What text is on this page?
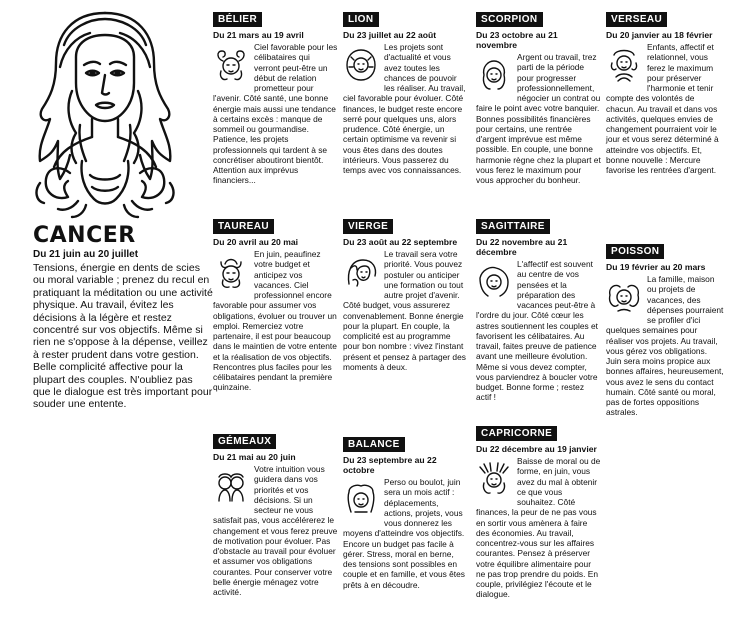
CANCER
Du 21 juin au 20 juillet
Tensions, énergie en dents de scies ou moral variable ; prenez du recul en pratiquant la méditation ou une activité physique. Au travail, évitez les décisions à la légère et restez concentré sur vos objectifs. Même si rien ne s'oppose à la dépense, veillez à rester prudent dans votre gestion. Belle complicité affective pour la plupart des couples. N'oubliez pas que le dialogue est très important pour souder une entente.
BÉLIER
Du 21 mars au 19 avril
Ciel favorable pour les célibataires qui verront peut-être un début de relation prometteur pour l'avenir. Côté santé, une bonne énergie mais aussi une tendance à certains excès : manque de sommeil ou gourmandise. Patience, les projets professionnels qui tardent à se concrétiser aboutiront bientôt. Attention aux imprévus financiers...
TAUREAU
Du 20 avril au 20 mai
En juin, peaufinez votre budget et anticipez vos vacances. Ciel professionnel encore favorable pour assumer vos obligations, évoluer ou trouver un emploi. Remerciez votre partenaire, il est pour beaucoup dans le maintien de votre entente et la réalisation de vos objectifs. Rencontres plus faciles pour les célibataires pendant la première quinzaine.
GÉMEAUX
Du 21 mai au 20 juin
Votre intuition vous guidera dans vos priorités et vos décisions. Si un secteur ne vous satisfait pas, vous accélérerez le changement et vous ferez preuve de motivation pour évoluer. Pas d'obstacle au travail pour évoluer et assumer vos obligations courantes. Pour conserver votre belle énergie ménagez votre activité.
LION
Du 23 juillet au 22 août
Les projets sont d'actualité et vous avez toutes les chances de pouvoir les réaliser. Au travail, ciel favorable pour évoluer. Côté finances, le budget reste encore serré pour quelques uns, alors prudence. Côté énergie, un certain optimisme va revenir si vous êtes dans des doutes intérieurs. Vous passerez du temps avec vos connaissances.
VIERGE
Du 23 août au 22 septembre
Le travail sera votre priorité. Vous pouvez postuler ou anticiper une formation ou tout autre projet d'avenir. Côté budget, vous assurerez convenablement. Bonne énergie pour la plupart. En couple, la complicité est au programme pour bon nombre : vivez l'instant présent et pensez à partager des moments à deux.
BALANCE
Du 23 septembre au 22 octobre
Perso ou boulot, juin sera un mois actif : déplacements, actions, projets, vous vous donnerez les moyens d'atteindre vos objectifs. Encore un budget pas facile à gérer. Stress, moral en berne, des tensions sont possibles en couple et en famille, et vous êtes prêts à en découdre.
SCORPION
Du 23 octobre au 21 novembre
Argent ou travail, trez parti de la période pour progresser professionnellement, négocier un contrat ou faire le point avec votre banquier. Bonnes possibilités financières pour certains, une rentrée d'argent imprévue est même possible. En couple, une bonne harmonie règne chez la plupart et vous ferez le maximum pour vous approcher du bonheur.
SAGITTAIRE
Du 22 novembre au 21 décembre
L'affectif est souvent au centre de vos pensées et la préparation des vacances peut-être à l'ordre du jour. Côté cœur les astres soutiennent les couples et favorisent les célibataires. Au travail, faites preuve de patience avant une meilleure évolution. Même si vous devez compter, vous parviendrez à boucler votre budget. Bonne forme ; restez actif !
CAPRICORNE
Du 22 décembre au 19 janvier
Baisse de moral ou de forme, en juin, vous avez du mal à obtenir ce que vous souhaitez. Côté finances, la peur de ne pas vous en sortir vous amènera à faire des économies. Au travail, concentrez-vous sur les affaires courantes. Pensez à préserver votre équilibre alimentaire pour ne pas trop prendre du poids. En couple, privilégiez l'écoute et le dialogue.
VERSEAU
Du 20 janvier au 18 février
Enfants, affectif et relationnel, vous ferez le maximum pour préserver l'harmonie et tenir compte des volontés de chacun. Au travail et dans vos activités, quelques envies de changement pourraient voir le jour et vous serez déterminé à atteindre vos objectifs. Et, bonne nouvelle : Mercure favorise les rentrées d'argent.
POISSON
Du 19 février au 20 mars
La famille, maison ou projets de vacances, des dépenses pourraient se profiler d'ici quelques semaines pour réaliser vos projets. Au travail, vous gérez vos obligations. Juin sera moins propice aux bonnes affaires, heureusement, vous avez le sens du contact humain. Côté santé ou moral, pas de fortes oppositions astrales.
